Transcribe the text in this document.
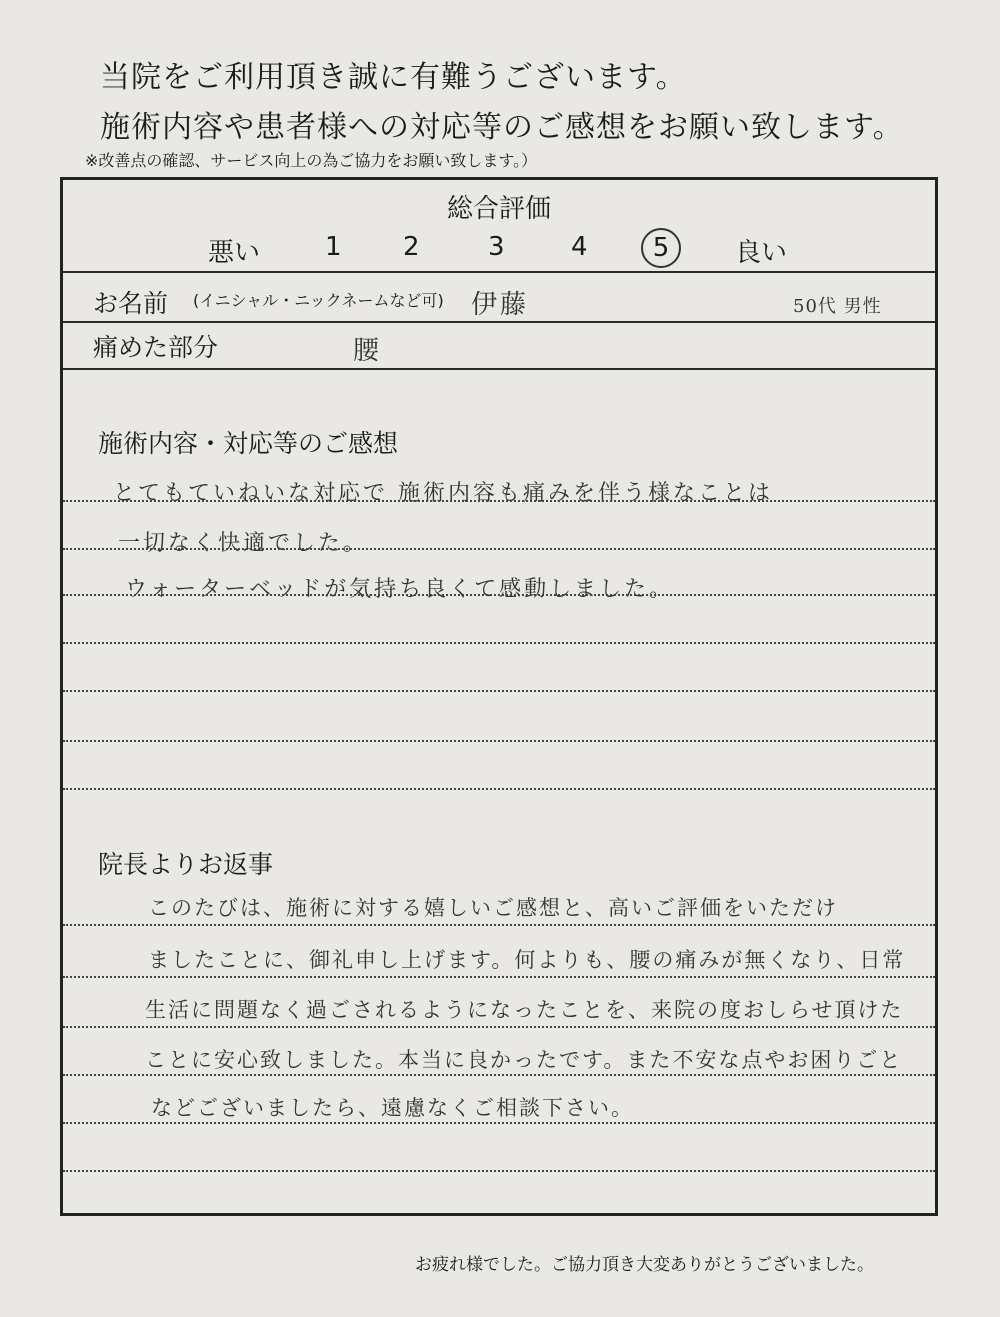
当院をご利用頂き誠に有難うございます。
施術内容や患者様への対応等のご感想をお願い致します。
※改善点の確認、サービス向上の為ご協力をお願い致します。）
総合評価
悪い 1 2	3	4	5	良い
お名前 (イニシャル・ニックネームなど可) 伊藤	50代 男性
痛めた部分	腰
施術内容・対応等のご感想
とてもていねいな対応で 施術内容も痛みを伴う様なことは
一切なく快適でした。
ウォーターベッドが気持ち良くて感動しました。
院長よりお返事
このたびは、施術に対する嬉しいご感想と、高いご評価をいただけ
ましたことに、御礼申し上げます。何よりも、腰の痛みが無くなり、日常
生活に問題なく過ごされるようになったことを、来院の度おしらせ頂けた
ことに安心致しました。本当に良かったです。また不安な点やお困りごと
などございましたら、遠慮なくご相談下さい。
お疲れ様でした。ご協力頂き大変ありがとうございました。
